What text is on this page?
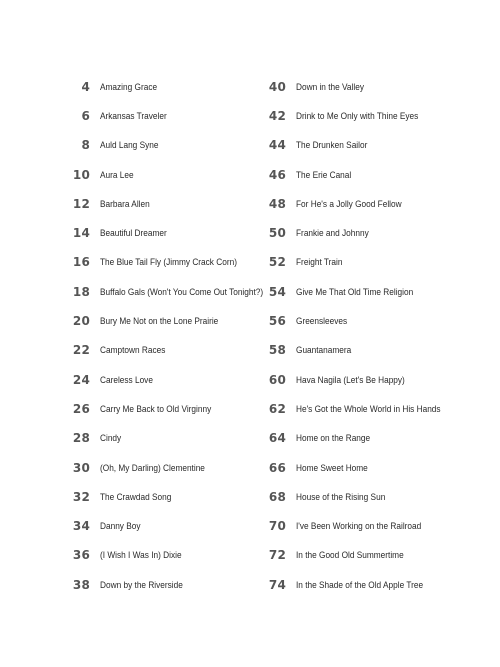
4 Amazing Grace
6 Arkansas Traveler
8 Auld Lang Syne
10 Aura Lee
12 Barbara Allen
14 Beautiful Dreamer
16 The Blue Tail Fly (Jimmy Crack Corn)
18 Buffalo Gals (Won't You Come Out Tonight?)
20 Bury Me Not on the Lone Prairie
22 Camptown Races
24 Careless Love
26 Carry Me Back to Old Virginny
28 Cindy
30 (Oh, My Darling) Clementine
32 The Crawdad Song
34 Danny Boy
36 (I Wish I Was In) Dixie
38 Down by the Riverside
40 Down in the Valley
42 Drink to Me Only with Thine Eyes
44 The Drunken Sailor
46 The Erie Canal
48 For He's a Jolly Good Fellow
50 Frankie and Johnny
52 Freight Train
54 Give Me That Old Time Religion
56 Greensleeves
58 Guantanamera
60 Hava Nagila (Let's Be Happy)
62 He's Got the Whole World in His Hands
64 Home on the Range
66 Home Sweet Home
68 House of the Rising Sun
70 I've Been Working on the Railroad
72 In the Good Old Summertime
74 In the Shade of the Old Apple Tree
